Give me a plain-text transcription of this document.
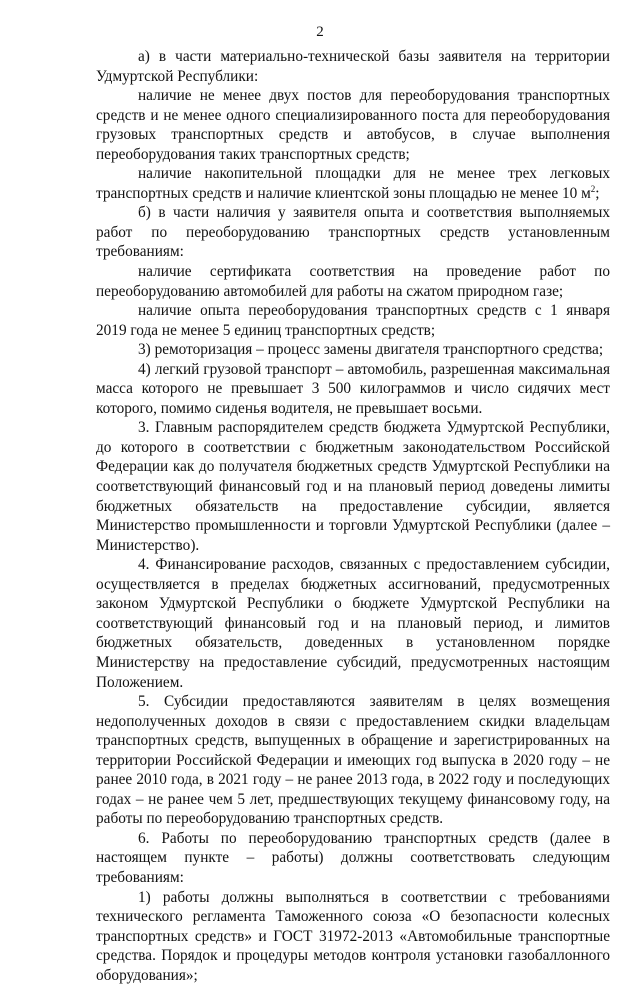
2

а) в части материально-технической базы заявителя на территории Удмуртской Республики:

наличие не менее двух постов для переоборудования транспортных средств и не менее одного специализированного поста для переоборудования грузовых транспортных средств и автобусов, в случае выполнения переоборудования таких транспортных средств;

наличие накопительной площадки для не менее трех легковых транспортных средств и наличие клиентской зоны площадью не менее 10 $м^2$;

б) в части наличия у заявителя опыта и соответствия выполняемых работ по переоборудованию транспортных средств установленным требованиям:

наличие сертификата соответствия на проведение работ по переоборудованию автомобилей для работы на сжатом природном газе;

наличие опыта переоборудования транспортных средств с 1 января 2019 года не менее 5 единиц транспортных средств;

3) ремоторизация – процесс замены двигателя транспортного средства;

4) легкий грузовой транспорт – автомобиль, разрешенная максимальная масса которого не превышает 3 500 килограммов и число сидячих мест которого, помимо сиденья водителя, не превышает восьми.

3. Главным распорядителем средств бюджета Удмуртской Республики, до которого в соответствии с бюджетным законодательством Российской Федерации как до получателя бюджетных средств Удмуртской Республики на соответствующий финансовый год и на плановый период доведены лимиты бюджетных обязательств на предоставление субсидии, является Министерство промышленности и торговли Удмуртской Республики (далее – Министерство).

4. Финансирование расходов, связанных с предоставлением субсидии, осуществляется в пределах бюджетных ассигнований, предусмотренных законом Удмуртской Республики о бюджете Удмуртской Республики на соответствующий финансовый год и на плановый период, и лимитов бюджетных обязательств, доведенных в установленном порядке Министерству на предоставление субсидий, предусмотренных настоящим Положением.

5. Субсидии предоставляются заявителям в целях возмещения недополученных доходов в связи с предоставлением скидки владельцам транспортных средств, выпущенных в обращение и зарегистрированных на территории Российской Федерации и имеющих год выпуска в 2020 году – не ранее 2010 года, в 2021 году – не ранее 2013 года, в 2022 году и последующих годах – не ранее чем 5 лет, предшествующих текущему финансовому году, на работы по переоборудованию транспортных средств.

6. Работы по переоборудованию транспортных средств (далее в настоящем пункте – работы) должны соответствовать следующим требованиям:

1) работы должны выполняться в соответствии с требованиями технического регламента Таможенного союза «О безопасности колесных транспортных средств» и ГОСТ 31972-2013 «Автомобильные транспортные средства. Порядок и процедуры методов контроля установки газобаллонного оборудования»;
